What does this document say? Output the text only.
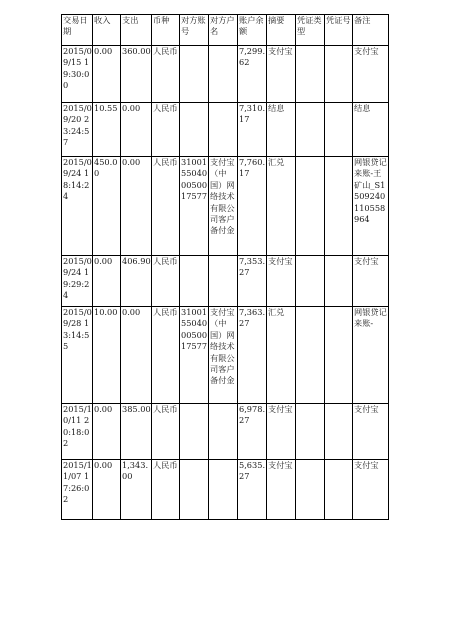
交易日期	收入	支出	币种	对方账号	对方户名	账户余额	摘要	凭证类型	凭证号	备注
2015/09/15 19:30:00	0.00	360.00	人民币			7,299.62	支付宝			支付宝
2015/09/20 23:24:57	10.55	0.00	人民币			7,310.17	结息			结息
2015/09/24 18:14:24	450.00	0.00	人民币	31001550400050017577	支付宝（中国）网络技术有限公司客户备付金	7,760.17	汇兑			网银贷记来账-王矿山_S1509240110558964
2015/09/24 19:29:24	0.00	406.90	人民币			7,353.27	支付宝			支付宝
2015/09/28 13:14:55	10.00	0.00	人民币	31001550400050017577	支付宝（中国）网络技术有限公司客户备付金	7,363.27	汇兑			网银贷记来账-
2015/10/11 20:18:02	0.00	385.00	人民币			6,978.27	支付宝			支付宝
2015/11/07 17:26:02	0.00	1,343.00	人民币			5,635.27	支付宝			支付宝
